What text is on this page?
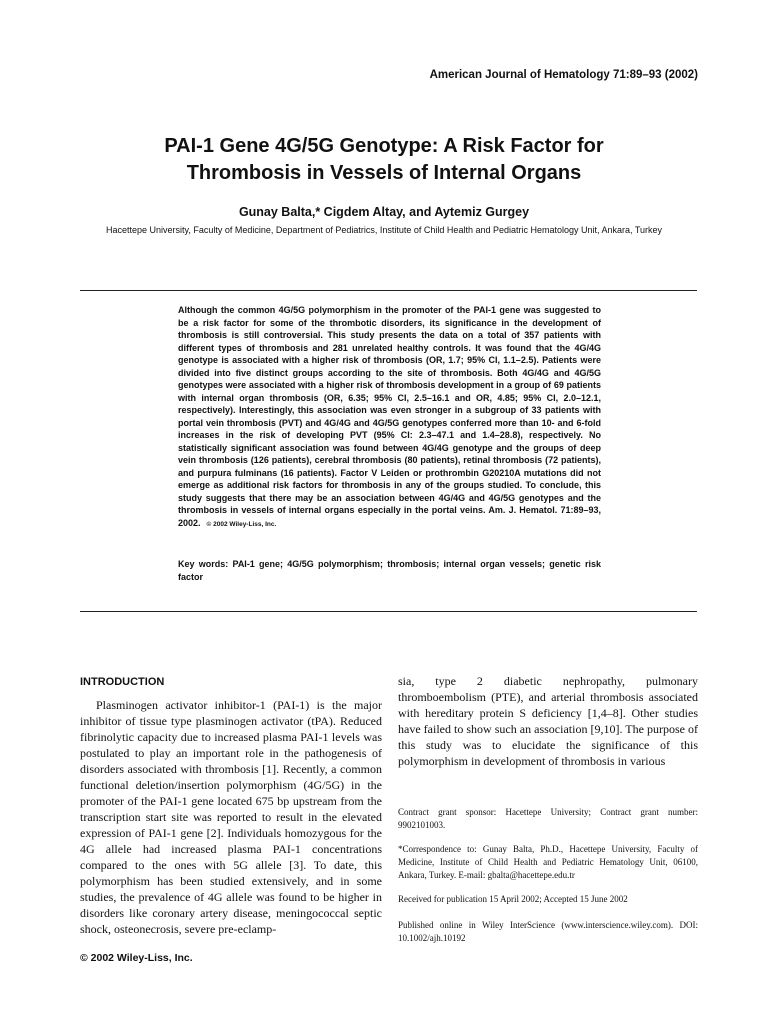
American Journal of Hematology 71:89–93 (2002)
PAI-1 Gene 4G/5G Genotype: A Risk Factor for
Thrombosis in Vessels of Internal Organs
Gunay Balta,* Cigdem Altay, and Aytemiz Gurgey
Hacettepe University, Faculty of Medicine, Department of Pediatrics, Institute of Child Health and Pediatric Hematology Unit, Ankara, Turkey

Although the common 4G/5G polymorphism in the promoter of the PAI-1 gene was suggested to be a risk factor for some of the thrombotic disorders, its significance in the development of thrombosis is still controversial. This study presents the data on a total of 357 patients with different types of thrombosis and 281 unrelated healthy controls. It was found that the 4G/4G genotype is associated with a higher risk of thrombosis (OR, 1.7; 95% CI, 1.1–2.5). Patients were divided into five distinct groups according to the site of thrombosis. Both 4G/4G and 4G/5G genotypes were associated with a higher risk of thrombosis development in a group of 69 patients with internal organ thrombosis (OR, 6.35; 95% CI, 2.5–16.1 and OR, 4.85; 95% CI, 2.0–12.1, respectively). Interestingly, this association was even stronger in a subgroup of 33 patients with portal vein thrombosis (PVT) and 4G/4G and 4G/5G genotypes conferred more than 10- and 6-fold increases in the risk of developing PVT (95% CI: 2.3–47.1 and 1.4–28.8), respectively. No statistically significant association was found between 4G/4G genotype and the groups of deep vein thrombosis (126 patients), cerebral thrombosis (80 patients), retinal thrombosis (72 patients), and purpura fulminans (16 patients). Factor V Leiden or prothrombin G20210A mutations did not emerge as additional risk factors for thrombosis in any of the groups studied. To conclude, this study suggests that there may be an association between 4G/4G and 4G/5G genotypes and the thrombosis in vessels of internal organs especially in the portal veins. Am. J. Hematol. 71:89–93, 2002. © 2002 Wiley-Liss, Inc.

Key words: PAI-1 gene; 4G/5G polymorphism; thrombosis; internal organ vessels; genetic risk factor

INTRODUCTION

Plasminogen activator inhibitor-1 (PAI-1) is the major inhibitor of tissue type plasminogen activator (tPA). Reduced fibrinolytic capacity due to increased plasma PAI-1 levels was postulated to play an important role in the pathogenesis of disorders associated with thrombosis [1]. Recently, a common functional deletion/insertion polymorphism (4G/5G) in the promoter of the PAI-1 gene located 675 bp upstream from the transcription start site was reported to result in the elevated expression of PAI-1 gene [2]. Individuals homozygous for the 4G allele had increased plasma PAI-1 concentrations compared to the ones with 5G allele [3]. To date, this polymorphism has been studied extensively, and in some studies, the prevalence of 4G allele was found to be higher in disorders like coronary artery disease, meningococcal septic shock, osteonecrosis, severe pre-eclamp-

sia, type 2 diabetic nephropathy, pulmonary thromboembolism (PTE), and arterial thrombosis associated with hereditary protein S deficiency [1,4–8]. Other studies have failed to show such an association [9,10]. The purpose of this study was to elucidate the significance of this polymorphism in development of thrombosis in various

Contract grant sponsor: Hacettepe University; Contract grant number: 9902101003.

*Correspondence to: Gunay Balta, Ph.D., Hacettepe University, Faculty of Medicine, Institute of Child Health and Pediatric Hematology Unit, 06100, Ankara, Turkey. E-mail: gbalta@hacettepe.edu.tr

Received for publication 15 April 2002; Accepted 15 June 2002

Published online in Wiley InterScience (www.interscience.wiley.com). DOI: 10.1002/ajh.10192

© 2002 Wiley-Liss, Inc.
